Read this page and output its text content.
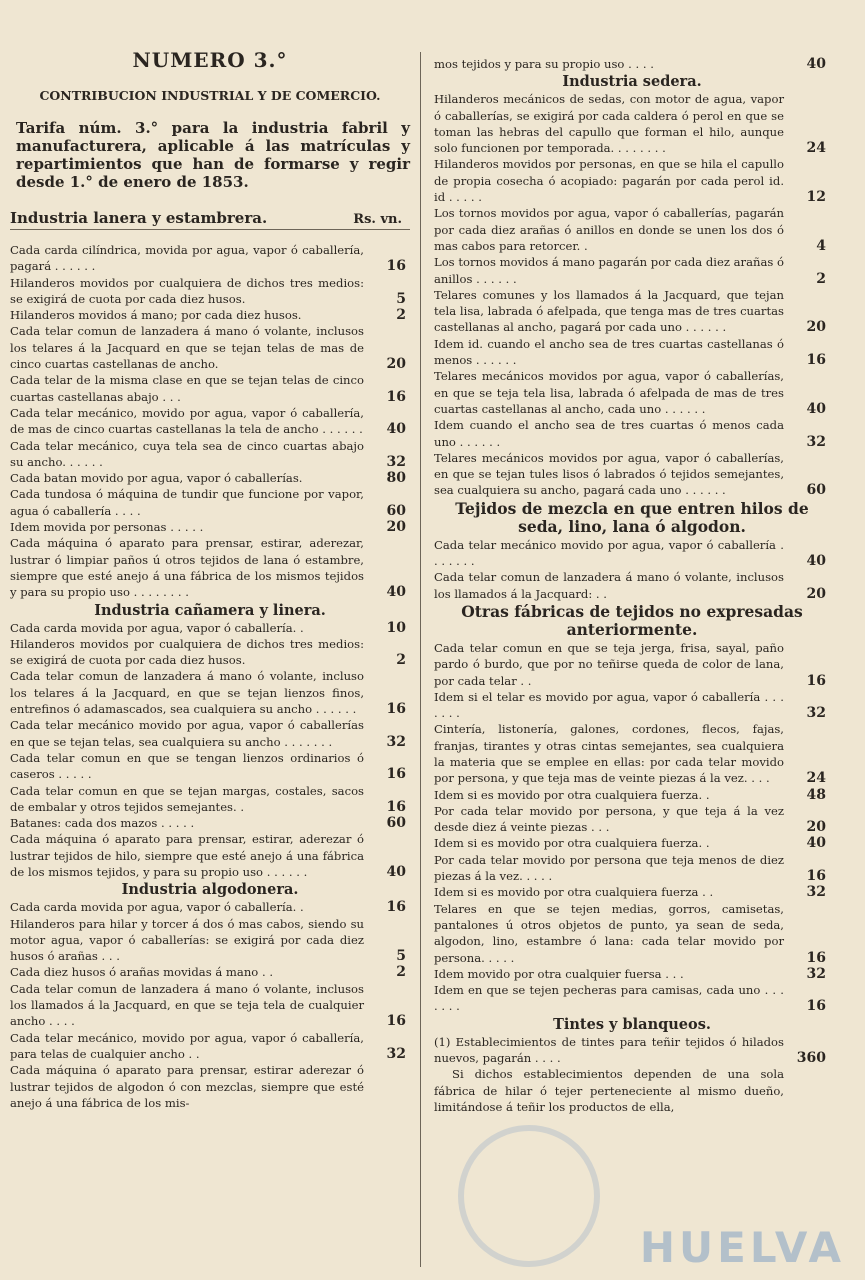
NUMERO 3.°
CONTRIBUCION INDUSTRIAL Y DE COMERCIO.
Tarifa núm. 3.° para la industria fabril y manufacturera, aplicable á las matrículas y repartimientos que han de formarse y regir desde 1.° de enero de 1853.
Industria lanera y estambrera.	Rs. vn.
Cada carda cilíndrica, movida por agua, vapor ó caballería, pagará . . . . . .	16
Hilanderos movidos por cualquiera de dichos tres medios: se exigirá de cuota por cada diez husos.	5
Hilanderos movidos á mano; por cada diez husos.	2
Cada telar comun de lanzadera á mano ó volante, inclusos los telares á la Jacquard en que se tejan telas de mas de cinco cuartas castellanas de ancho.	20
Cada telar de la misma clase en que se tejan telas de cinco cuartas castellanas abajo . . .	16
Cada telar mecánico, movido por agua, vapor ó caballería, de mas de cinco cuartas castellanas la tela de ancho . . . . . . 40
Cada telar mecánico, cuya tela sea de cinco cuartas abajo su ancho. . . . . .	32
Cada batan movido por agua, vapor ó caballerías.	80
Cada tundosa ó máquina de tundir que funcione por vapor, agua ó caballería . . . .	60
Idem movida por personas . . . . .	20
Cada máquina ó aparato para prensar, estirar, aderezar, lustrar ó limpiar paños ú otros tejidos de lana ó estambre, siempre que esté anejo á una fábrica de los mismos tejidos y para su propio uso . . . . . . . .	40
Industria cañamera y linera.
Cada carda movida por agua, vapor ó caballería. .	10
Hilanderos movidos por cualquiera de dichos tres medios: se exigirá de cuota por cada diez husos.	2
Cada telar comun de lanzadera á mano ó volante, incluso los telares á la Jacquard, en que se tejan lienzos finos, entrefinos ó adamascados, sea cualquiera su ancho . . . . . . 16
Cada telar mecánico movido por agua, vapor ó caballerías en que se tejan telas, sea cualquiera su ancho . . . . . . .	32
Cada telar comun en que se tengan lienzos ordinarios ó caseros . . . . .	16
Cada telar comun en que se tejan margas, costales, sacos de embalar y otros tejidos semejantes. .	16
Batanes: cada dos mazos . . . . .	60
Cada máquina ó aparato para prensar, estirar, aderezar ó lustrar tejidos de hilo, siempre que esté anejo á una fábrica de los mismos tejidos, y para su propio uso . . . . . .	40
Industria algodonera.
Cada carda movida por agua, vapor ó caballería. .	16
Hilanderos para hilar y torcer á dos ó mas cabos, siendo su motor agua, vapor ó caballerías: se exigirá por cada diez husos ó arañas . . .	5
Cada diez husos ó arañas movidas á mano . .	2
Cada telar comun de lanzadera á mano ó volante, inclusos los llamados á la Jacquard, en que se teja tela de cualquier ancho . . . .	16
Cada telar mecánico, movido por agua, vapor ó caballería, para telas de cualquier ancho . .	32
Cada máquina ó aparato para prensar, estirar aderezar ó lustrar tejidos de algodon ó con mezclas, siempre que esté anejo á una fábrica de los mis-
mos tejidos y para su propio uso . . . .	40
Industria sedera.
Hilanderos mecánicos de sedas, con motor de agua, vapor ó caballerías, se exigirá por cada caldera ó perol en que se toman las hebras del capullo que forman el hilo, aunque solo funcionen por temporada. . . . . . . .	24
Hilanderos movidos por personas, en que se hila el capullo de propia cosecha ó acopiado: pagarán por cada perol id. id . . . . .	12
Los tornos movidos por agua, vapor ó caballerías, pagarán por cada diez arañas ó anillos en donde se unen los dos ó mas cabos para retorcer. .	4
Los tornos movidos á mano pagarán por cada diez arañas ó anillos . . . . . .	2
Telares comunes y los llamados á la Jacquard, que tejan tela lisa, labrada ó afelpada, que tenga mas de tres cuartas castellanas al ancho, pagará por cada uno . . . . . .	20
Idem id. cuando el ancho sea de tres cuartas castellanas ó menos . . . . . .	16
Telares mecánicos movidos por agua, vapor ó caballerías, en que se teja tela lisa, labrada ó afelpada de mas de tres cuartas castellanas al ancho, cada uno . . . . . .	40
Idem cuando el ancho sea de tres cuartas ó menos cada uno . . . . . .	32
Telares mecánicos movidos por agua, vapor ó caballerías, en que se tejan tules lisos ó labrados ó tejidos semejantes, sea cualquiera su ancho, pagará cada uno . . . . . .	60
Tejidos de mezcla en que entren hilos de seda, lino, lana ó algodon.
Cada telar mecánico movido por agua, vapor ó caballería . . . . . . .	40
Cada telar comun de lanzadera á mano ó volante, inclusos los llamados á la Jacquard: . .	20
Otras fábricas de tejidos no expresadas anteriormente.
Cada telar comun en que se teja jerga, frisa, sayal, paño pardo ó burdo, que por no teñirse queda de color de lana, por cada telar . .	16
Idem si el telar es movido por agua, vapor ó caballería . . . . . . .	32
Cintería, listonería, galones, cordones, flecos, fajas, franjas, tirantes y otras cintas semejantes, sea cualquiera la materia que se emplee en ellas: por cada telar movido por persona, y que teja mas de veinte piezas á la vez. . . .	24
Idem si es movido por otra cualquiera fuerza. .	48
Por cada telar movido por persona, y que teja á la vez desde diez á veinte piezas . . .	20
Idem si es movido por otra cualquiera fuerza. .	40
Por cada telar movido por persona que teja menos de diez piezas á la vez. . . . .	16
Idem si es movido por otra cualquiera fuerza . .	32
Telares en que se tejen medias, gorros, camisetas, pantalones ú otros objetos de punto, ya sean de seda, algodon, lino, estambre ó lana: cada telar movido por persona. . . . .	16
Idem movido por otra cualquier fuersa . . .	32
Idem en que se tejen pecheras para camisas, cada uno . . . . . . .	16
Tintes y blanqueos.
(1) Establecimientos de tintes para teñir tejidos ó hilados nuevos, pagarán . . . .	360

Si dichos establecimientos dependen de una sola fábrica de hilar ó tejer perteneciente al mismo dueño, limitándose á teñir los productos de ella,

HUELVA
